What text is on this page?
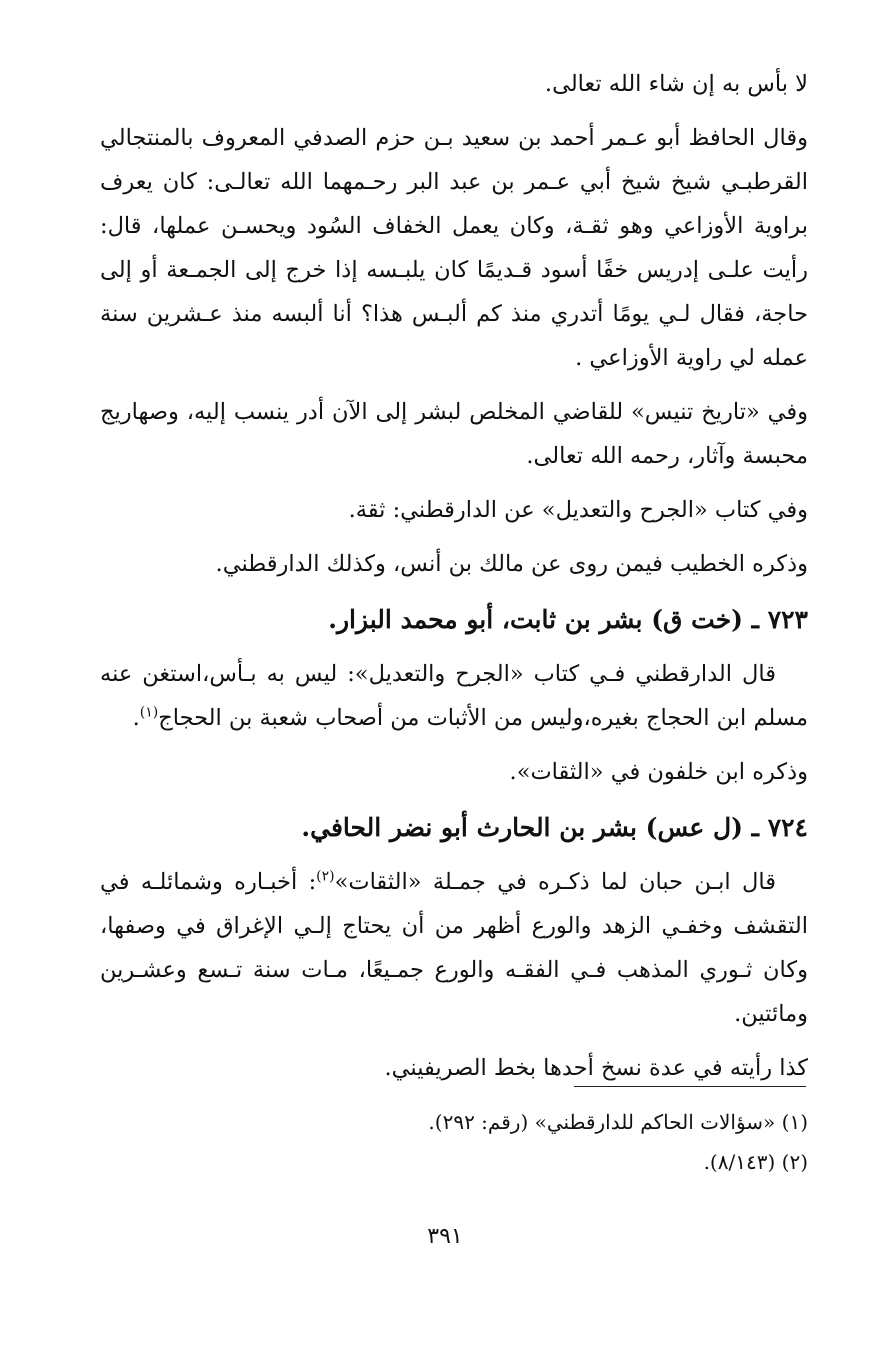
لا بأس به إن شاء الله تعالى.

وقال الحافظ أبو عـمر أحمد بن سعيد بـن حزم الصدفي المعروف بالمنتجالي القرطبـي شيخ شيخ أبي عـمر بن عبد البر رحـمهما الله تعالـى: كان يعرف براوية الأوزاعي وهو ثقـة، وكان يعمل الخفاف السُود ويحسـن عملها، قال: رأيت علـى إدريس خفًا أسود قـديمًا كان يلبـسه إذا خرج إلى الجمـعة أو إلى حاجة، فقال لـي يومًا أتدري منذ كم ألبـس هذا؟ أنا ألبسه منذ عـشرين سنة عمله لي راوية الأوزاعي .

وفي «تاريخ تنيس» للقاضي المخلص لبشر إلى الآن أدر ينسب إليه، وصهاريج محبسة وآثار، رحمه الله تعالى.

وفي كتاب «الجرح والتعديل» عن الدارقطني: ثقة.

وذكره الخطيب فيمن روى عن مالك بن أنس، وكذلك الدارقطني.

٧٢٣ ـ (خت ق) بشر بن ثابت، أبو محمد البزار.

قال الدارقطني فـي كتاب «الجرح والتعديل»: ليس به بـأس،استغن عنه مسلم ابن الحجاج بغيره،وليس من الأثبات من أصحاب شعبة بن الحجاج$^{(١)}$.

وذكره ابن خلفون في «الثقات».

٧٢٤ ـ (ل عس) بشر بن الحارث أبو نضر الحافي.

قال ابـن حبان لما ذكـره في جمـلة «الثقات»$^{(٢)}$: أخبـاره وشمائلـه في التقشف وخفـي الزهد والورع أظهر من أن يحتاج إلـي الإغراق في وصفها، وكان ثـوري المذهب فـي الفقـه والورع جمـيعًا، مـات سنة تـسع وعشـرين ومائتين.

كذا رأيته في عدة نسخ أحدها بخط الصريفيني.

(١) «سؤالات الحاكم للدارقطني» (رقم: ٢٩٢).

(٢) (٨/١٤٣).

٣٩١
